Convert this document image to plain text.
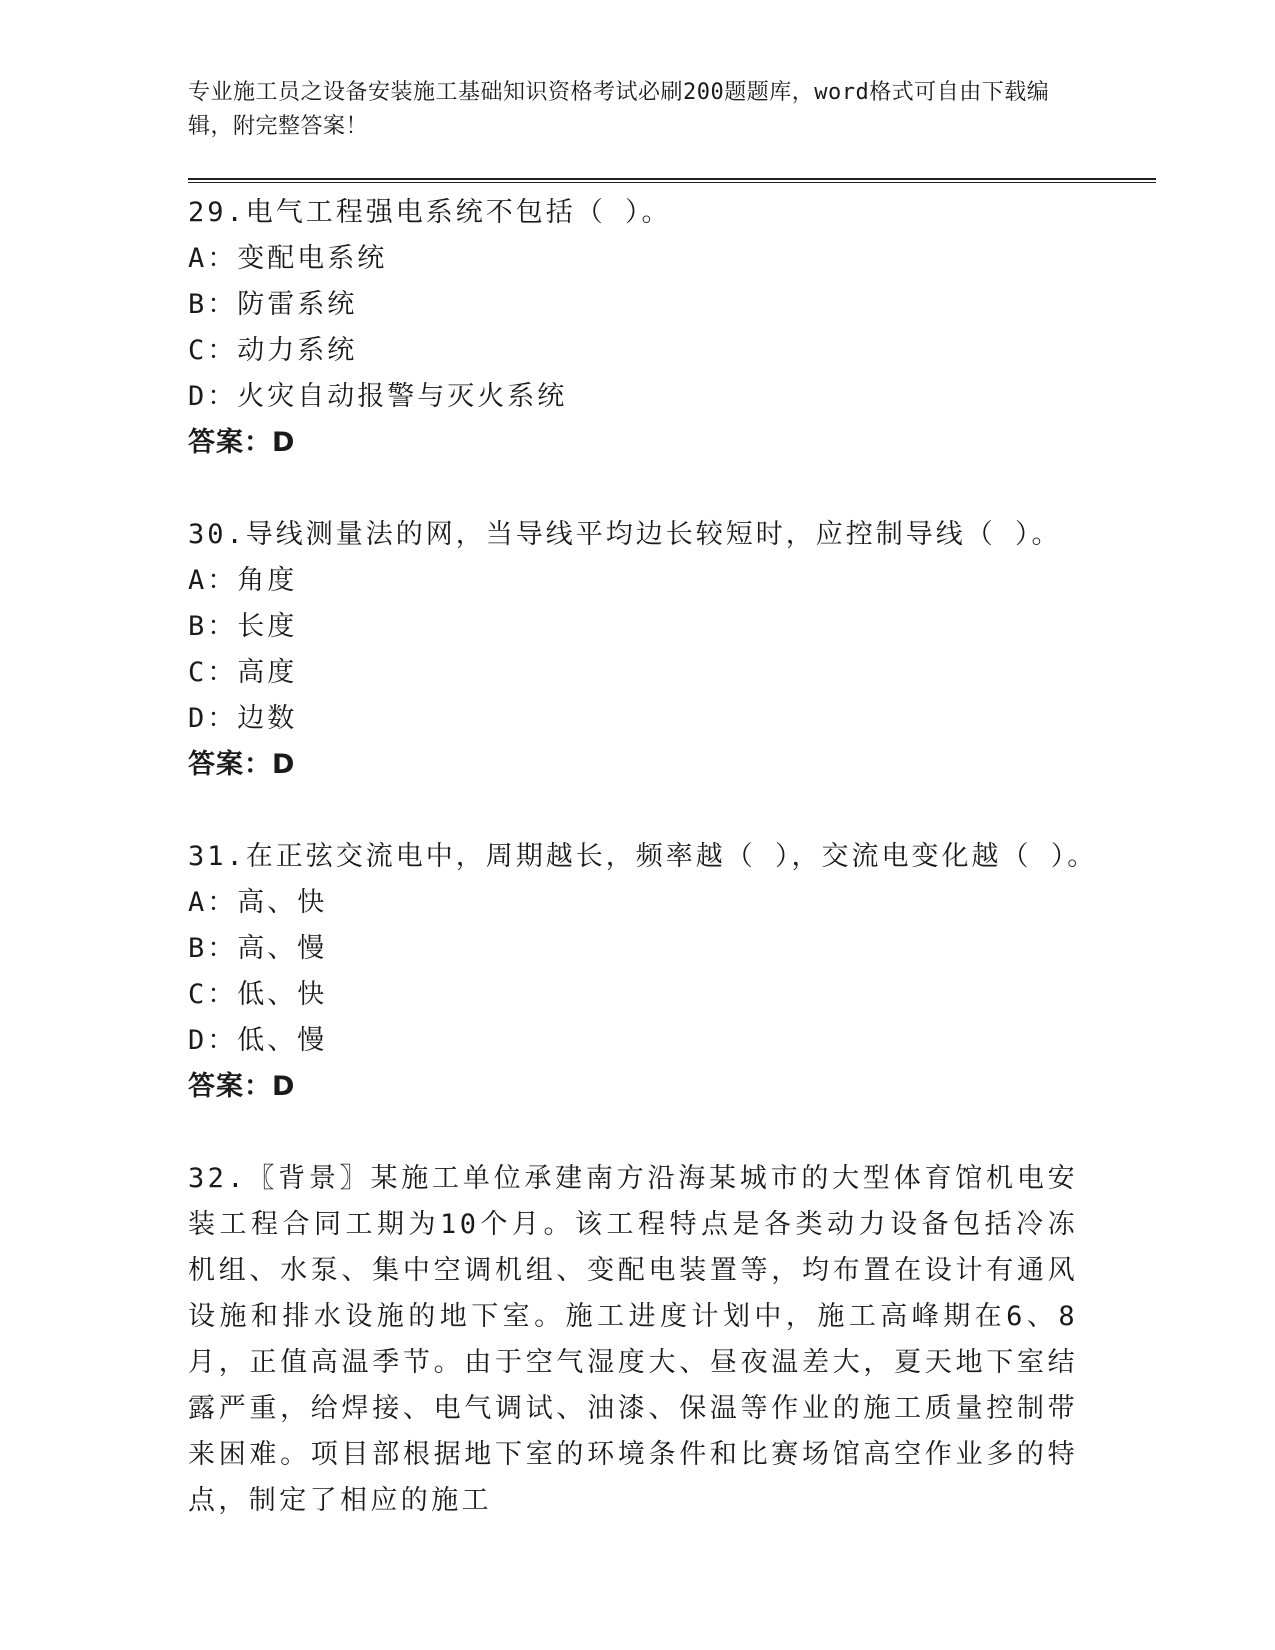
专业施工员之设备安装施工基础知识资格考试必刷200题题库，word格式可自由下载编辑，附完整答案！
29.电气工程强电系统不包括（ ）。
A：变配电系统
B：防雷系统
C：动力系统
D：火灾自动报警与灭火系统
答案：D
30.导线测量法的网，当导线平均边长较短时，应控制导线（ ）。
A：角度
B：长度
C：高度
D：边数
答案：D
31.在正弦交流电中，周期越长，频率越（ ），交流电变化越（ ）。
A：高、快
B：高、慢
C：低、快
D：低、慢
答案：D
32.〖背景〗某施工单位承建南方沿海某城市的大型体育馆机电安装工程合同工期为10个月。该工程特点是各类动力设备包括冷冻机组、水泵、集中空调机组、变配电装置等，均布置在设计有通风设施和排水设施的地下室。施工进度计划中，施工高峰期在6、8月，正值高温季节。由于空气湿度大、昼夜温差大，夏天地下室结露严重，给焊接、电气调试、油漆、保温等作业的施工质量控制带来困难。项目部根据地下室的环境条件和比赛场馆高空作业多的特点，制定了相应的施工
